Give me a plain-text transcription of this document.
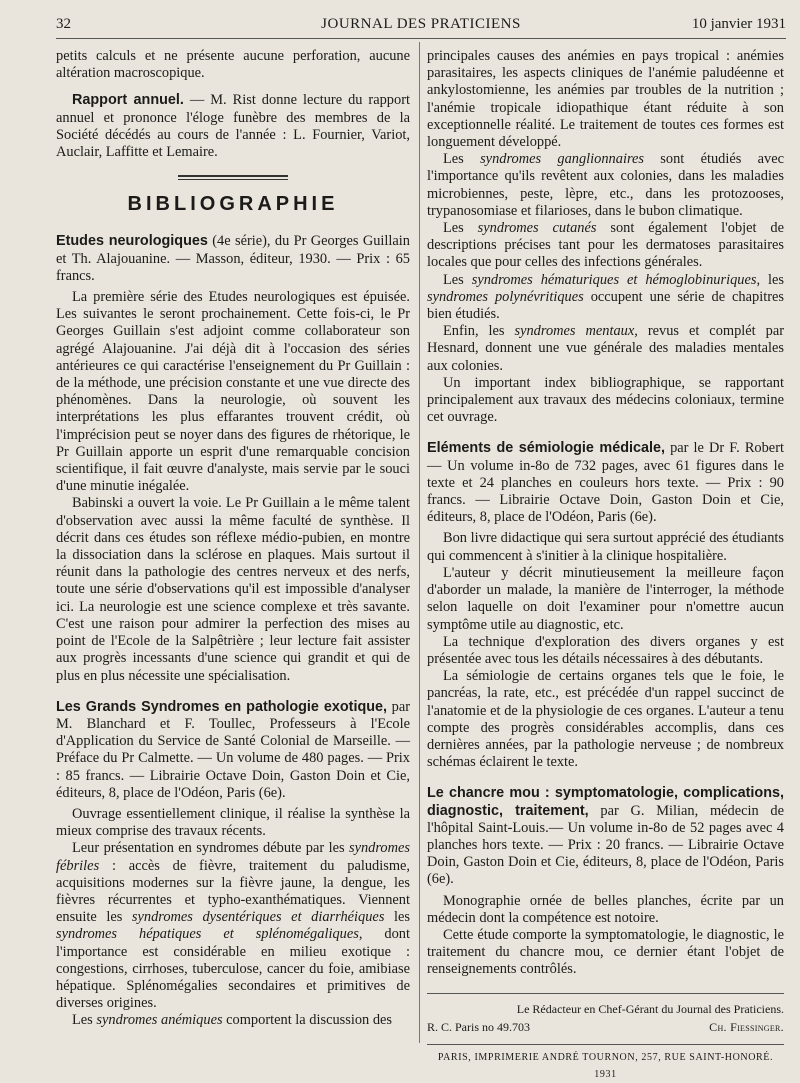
32	JOURNAL DES PRATICIENS	10 janvier 1931

petits calculs et ne présente aucune perforation, aucune altération macroscopique.

Rapport annuel. — M. Rist donne lecture du rapport annuel et prononce l'éloge funèbre des membres de la Société décédés au cours de l'année : L. Fournier, Variot, Auclair, Laffitte et Lemaire.

BIBLIOGRAPHIE

Etudes neurologiques (4e série), du Pr Georges Guillain et Th. Alajouanine. — Masson, éditeur, 1930. — Prix : 65 francs.

La première série des Etudes neurologiques est épuisée. Les suivantes le seront prochainement. Cette fois-ci, le Pr Georges Guillain s'est adjoint comme collaborateur son agrégé Alajouanine. J'ai déjà dit à l'occasion des séries antérieures ce qui caractérise l'enseignement du Pr Guillain : de la méthode, une précision constante et une vue directe des phénomènes. Dans la neurologie, où souvent les interprétations les plus effarantes trouvent crédit, où l'imprécision peut se noyer dans des figures de rhétorique, le Pr Guillain apporte un esprit d'une remarquable concision scientifique, il fait œuvre d'analyste, mais servie par le souci d'une minutie inégalée.

Babinski a ouvert la voie. Le Pr Guillain a le même talent d'observation avec aussi la même faculté de synthèse. Il décrit dans ces études son réflexe médio-pubien, en montre la dissociation dans la sclérose en plaques. Mais surtout il réunit dans la pathologie des centres nerveux et des nerfs, toute une série d'observations qu'il est impossible d'analyser ici. La neurologie est une science complexe et très savante. C'est une raison pour admirer la perfection des mises au point de l'Ecole de la Salpêtrière ; leur lecture fait assister aux progrès incessants d'une science qui grandit et qui de plus en plus nécessite une spécialisation.

Les Grands Syndromes en pathologie exotique, par M. Blanchard et F. Toullec, Professeurs à l'Ecole d'Application du Service de Santé Colonial de Marseille. — Préface du Pr Calmette. — Un volume de 480 pages. — Prix : 85 francs. — Librairie Octave Doin, Gaston Doin et Cie, éditeurs, 8, place de l'Odéon, Paris (6e).

Ouvrage essentiellement clinique, il réalise la synthèse la mieux comprise des travaux récents.

Leur présentation en syndromes débute par les syndromes fébriles : accès de fièvre, traitement du paludisme, acquisitions modernes sur la fièvre jaune, la dengue, les fièvres récurrentes et typho-exanthématiques. Viennent ensuite les syndromes dysentériques et diarrhéiques les syndromes hépatiques et splénomégaliques, dont l'importance est considérable en milieu exotique : congestions, cirrhoses, tuberculose, cancer du foie, amibiase hépatique. Splénomégalies secondaires et primitives de diverses origines.

Les syndromes anémiques comportent la discussion des

principales causes des anémies en pays tropical : anémies parasitaires, les aspects cliniques de l'anémie paludéenne et ankylostomienne, les anémies par troubles de la nutrition ; l'anémie tropicale idiopathique étant réduite à son exceptionnelle réalité. Le traitement de toutes ces formes est longuement développé.

Les syndromes ganglionnaires sont étudiés avec l'importance qu'ils revêtent aux colonies, dans les maladies microbiennes, peste, lèpre, etc., dans les protozooses, trypanosomiase et filarioses, dans le bubon climatique.

Les syndromes cutanés sont également l'objet de descriptions précises tant pour les dermatoses parasitaires locales que pour celles des infections générales.

Les syndromes hématuriques et hémoglobinuriques, les syndromes polynévritiques occupent une série de chapitres bien étudiés.

Enfin, les syndromes mentaux, revus et complét par Hesnard, donnent une vue générale des maladies mentales aux colonies.

Un important index bibliographique, se rapportant principalement aux travaux des médecins coloniaux, termine cet ouvrage.

Eléments de sémiologie médicale, par le Dr F. Robert — Un volume in-8o de 732 pages, avec 61 figures dans le texte et 24 planches en couleurs hors texte. — Prix : 90 francs. — Librairie Octave Doin, Gaston Doin et Cie, éditeurs, 8, place de l'Odéon, Paris (6e).

Bon livre didactique qui sera surtout apprécié des étudiants qui commencent à s'initier à la clinique hospitalière.

L'auteur y décrit minutieusement la meilleure façon d'aborder un malade, la manière de l'interroger, la méthode selon laquelle on doit l'examiner pour n'omettre aucun symptôme utile au diagnostic, etc.

La technique d'exploration des divers organes y est présentée avec tous les détails nécessaires à des débutants.

La sémiologie de certains organes tels que le foie, le pancréas, la rate, etc., est précédée d'un rappel succinct de l'anatomie et de la physiologie de ces organes. L'auteur a tenu compte des progrès considérables accomplis, dans ces dernières années, par la pathologie nerveuse ; de nombreux schémas éclairent le texte.

Le chancre mou : symptomatologie, complications, diagnostic, traitement, par G. Milian, médecin de l'hôpital Saint-Louis.— Un volume in-8o de 52 pages avec 4 planches hors texte. — Prix : 20 francs. — Librairie Octave Doin, Gaston Doin et Cie, éditeurs, 8, place de l'Odéon, Paris (6e).

Monographie ornée de belles planches, écrite par un médecin dont la compétence est notoire.

Cette étude comporte la symptomatologie, le diagnostic, le traitement du chancre mou, ce dernier étant l'objet de renseignements contrôlés.

Le Rédacteur en Chef-Gérant du Journal des Praticiens.
R. C. Paris no 49.703	Ch. Fiessinger.
PARIS, IMPRIMERIE ANDRÉ TOURNON, 257, RUE SAINT-HONORÉ. 1931
